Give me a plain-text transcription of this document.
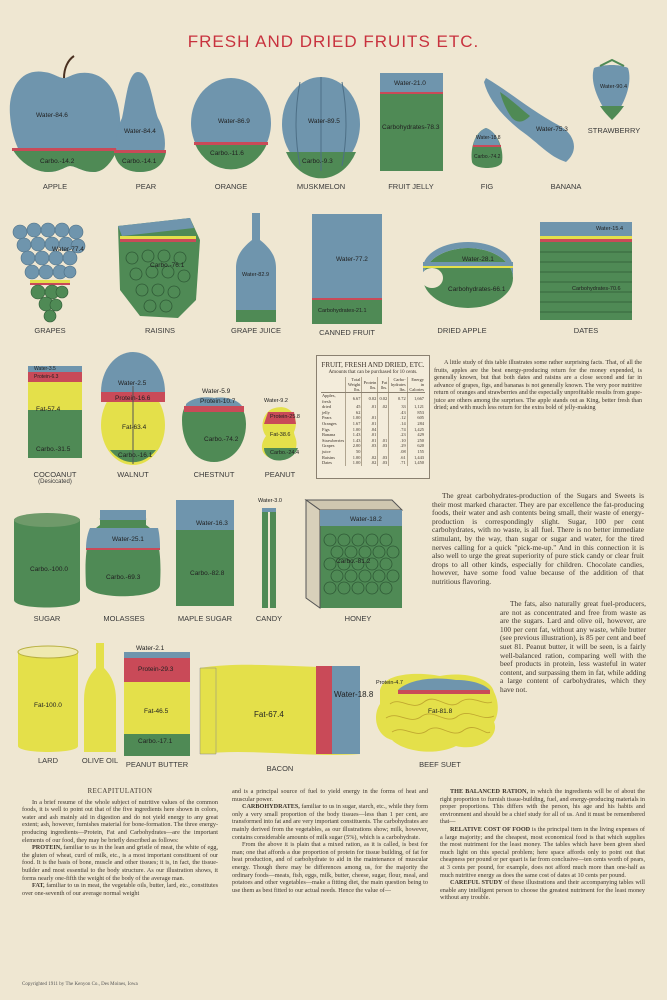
FRESH AND DRIED FRUITS ETC.
Water-84.6
Carbo.-14.2
Water-84.4
Carbo.-14.1
Water-86.9
Carbo.-11.6
Water-89.5
Carbo.-9.3
Water-21.0
Carbohydrates-78.3
Water-18.8
Carbo.-74.2
Water-75.3
Water-90.4
Water-77.4
Carbo.-76.1
Water-82.9
Water-77.2
Carbohydrates-21.1
Water-28.1
Carbohydrates-66.1
Water-15.4
Carbohydrates-70.6
Water-3.5
Protein-6.3
Fat-57.4
Carbo.-31.5
Water-2.5
Protein-16.6
Fat-63.4
Carbo.-16.1
Water-5.9
Protein-10.7
Carbo.-74.2
Water-9.2
Protein-25.8
Fat-38.6
Carbo.-24.4
Carbo.-100.0
Water-25.1
Carbo.-69.3
Water-16.3
Carbo.-82.8
Water-3.0
Water-18.2
Carbo.-81.2
Fat-100.0
Water-2.1
Protein-29.3
Fat-46.5
Carbo.-17.1
Fat-67.4
Water-18.8
Fat-81.8
Protein-4.7
APPLE	PEAR	ORANGE	MUSKMELON	FRUIT JELLY	FIG	BANANA
STRAWBERRY
GRAPES	RAISINS	GRAPE JUICE	CANNED FRUIT	DRIED APPLE	DATES
COCOANUT
(Desiccated)
WALNUT	CHESTNUT	PEANUT
SUGAR	MOLASSES	MAPLE SUGAR	CANDY	HONEY
LARD	OLIVE OIL PEANUT BUTTER	BACON	BEEF SUET
FRUIT, FRESH AND DRIED, ETC.
Amounts that can be purchased for 10 cents.
	Total Weight lbs.	Protein lbs.	Fat lbs.	Carbo-hydrates lbs.	Energy in Calories
Apples, fresh	6.67	0.02	0.02	0.72	1,667
dried	45	.01	.02	33	1,121
jelly	62			.43	853
Pears	1.00	.01		.12	605
Oranges	1.67	.01		.14	284
Figs	1.00	.04		.74	1,425
Banana	1.43	.01		.23	429
Strawberries	1.43	.01	.01	.10	250
Grapes	2.00	.03	.03	.29	620
juice	50			.08	155
Raisins	1.00	.02	.03	.61	1,443
Dates	1.00	.02	.03	.71	1,450

A little study of this table illustrates some rather surprising facts. That, of all the fruits, apples are the best energy-producing return for the money expended, is generally known, but that both dates and raisins are a close second and far in advance of grapes, figs, and bananas is not generally known. The very poor nutritive return of oranges and strawberries and the especially unprofitable results from grape-juice are others among the surprises. The apple stands out as King, better fresh than dried; and with much less return for the extra bold of jelly-making

The great carbohydrates-production of the Sugars and Sweets is their most marked character. They are par excellence the fat-producing foods, their water and ash contents being small, their waste of energy-production is correspondingly slight. Sugar, 100 per cent carbohydrates, with no waste, is all fuel. There is no better immediate stimulant, by the way, than sugar or sugar and water, for the tired nerves calling for a quick "pick-me-up." And in this connection it is also well to urge the great superiority of pure stick candy or clear fruit drops to all other kinds, especially for children. Chocolate candies, however, have some food value because of the addition of that nutritious flavoring.

The fats, also naturally great fuel-producers, are not as concentrated and free from waste as are the sugars. Lard and olive oil, however, are 100 per cent fat, without any waste, while butter (see previous illustration), is 85 per cent and beef suet 81. Peanut butter, it will be seen, is a fairly well-balanced ration, comparing well with the beef products in protein, less wasteful in water content, and surpassing them in fat, while adding a large content of carbohydrates, which they have not.

RECAPITULATION

In a brief resume of the whole subject of nutritive values of the common foods, it is well to point out that of the five ingredients here shown in colors, water and ash mainly aid in digestion and do not yield energy to any great extent; ash, however, furnishes material for bone-formation. The three energy-producing ingredients—Protein, Fat and Carbohydrates—are the important elements of our food, they may be briefly described as follows:

PROTEIN, familiar to us in the lean and gristle of meat, the white of egg, the gluten of wheat, curd of milk, etc., is a most important constituent of our food. It is the basis of bone, muscle and other tissues; it is, in fact, the tissue-builder and most essential to the body structure. As our illustration shows, it forms nearly one-fifth the weight of the body of the average man.

FAT, familiar to us in meat, the vegetable oils, butter, lard, etc., constitutes over one-seventh of our average normal weight

and is a principal source of fuel to yield energy in the forms of heat and muscular power.

CARBOHYDRATES, familiar to us in sugar, starch, etc., while they form only a very small proportion of the body tissues—less than 1 per cent, are transformed into fat and are very important constituents. The carbohydrates are mainly derived from the vegetables, as our illustrations show; milk, however, contains considerable amounts of milk sugar (5%), which is a carbohydrate.

From the above it is plain that a mixed ration, as it is called, is best for man; one that affords a due proportion of protein for tissue building, of fat for heat production, and of carbohydrate to aid in the maintenance of muscular energy. Though there may be differences among us, for the majority the ordinary foods—meats, fish, eggs, milk, butter, cheese, sugar, flour, meal, and potatoes and other vegetables—make a fitting diet, the main question being to use them as best fitted to our actual needs. Hence the value of—

THE BALANCED RATION, in which the ingredients will be of about the right proportion to furnish tissue-building, fuel, and energy-producing materials in proper proportions. This differs with the person, his age and his habits and environment and should be a chief study for all of us. And it must be remembered that—

RELATIVE COST OF FOOD is the principal item in the living expenses of a large majority; and the cheapest, most economical food is that which supplies the most nutriment for the least money. The tables which have been given shed much light on this special problem; here space affords only to point out that cheapness per pound or per quart is far from conclusive—ten cents worth of pears, at 3 cents per pound, for example, does not afford much more than one-half as much nutritive energy as does the same cost of dates at 10 cents per pound.

CAREFUL STUDY of these illustrations and their accompanying tables will enable any intelligent person to choose the greatest nutriment for the least money without any trouble.

Copyrighted 1911 by The Kenyon Co., Des Moines, Iowa
